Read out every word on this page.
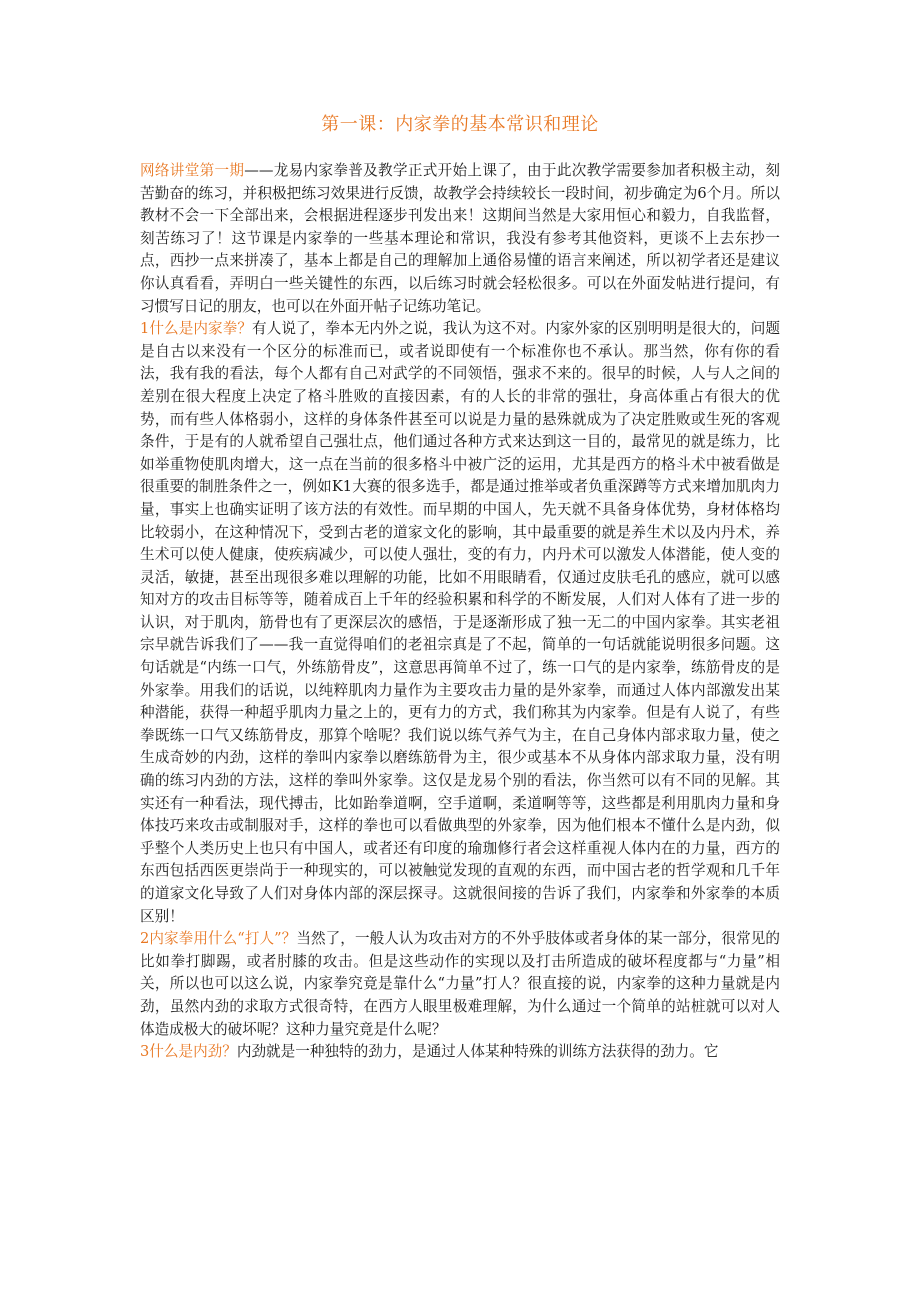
第一课：内家拳的基本常识和理论

网络讲堂第一期——龙易内家拳普及教学正式开始上课了，由于此次教学需要参加者积极主动，刻苦勤奋的练习，并积极把练习效果进行反馈，故教学会持续较长一段时间，初步确定为6个月。所以教材不会一下全部出来，会根据进程逐步刊发出来！这期间当然是大家用恒心和毅力，自我监督，刻苦练习了！这节课是内家拳的一些基本理论和常识，我没有参考其他资料，更谈不上去东抄一点，西抄一点来拼凑了，基本上都是自己的理解加上通俗易懂的语言来阐述，所以初学者还是建议你认真看看，弄明白一些关键性的东西，以后练习时就会轻松很多。可以在外面发帖进行提问，有习惯写日记的朋友，也可以在外面开帖子记练功笔记。

1什么是内家拳？有人说了，拳本无内外之说，我认为这不对。内家外家的区别明明是很大的，问题是自古以来没有一个区分的标准而已，或者说即使有一个标准你也不承认。那当然，你有你的看法，我有我的看法，每个人都有自己对武学的不同领悟，强求不来的。很早的时候，人与人之间的差别在很大程度上决定了格斗胜败的直接因素，有的人长的非常的强壮，身高体重占有很大的优势，而有些人体格弱小，这样的身体条件甚至可以说是力量的悬殊就成为了决定胜败或生死的客观条件，于是有的人就希望自己强壮点，他们通过各种方式来达到这一目的，最常见的就是练力，比如举重物使肌肉增大，这一点在当前的很多格斗中被广泛的运用，尤其是西方的格斗术中被看做是很重要的制胜条件之一，例如K1大赛的很多选手，都是通过推举或者负重深蹲等方式来增加肌肉力量，事实上也确实证明了该方法的有效性。而早期的中国人，先天就不具备身体优势，身材体格均比较弱小，在这种情况下，受到古老的道家文化的影响，其中最重要的就是养生术以及内丹术，养生术可以使人健康，使疾病减少，可以使人强壮，变的有力，内丹术可以激发人体潜能，使人变的灵活，敏捷，甚至出现很多难以理解的功能，比如不用眼睛看，仅通过皮肤毛孔的感应，就可以感知对方的攻击目标等等，随着成百上千年的经验积累和科学的不断发展，人们对人体有了进一步的认识，对于肌肉，筋骨也有了更深层次的感悟，于是逐渐形成了独一无二的中国内家拳。其实老祖宗早就告诉我们了——我一直觉得咱们的老祖宗真是了不起，简单的一句话就能说明很多问题。这句话就是“内练一口气，外练筋骨皮”，这意思再简单不过了，练一口气的是内家拳，练筋骨皮的是外家拳。用我们的话说，以纯粹肌肉力量作为主要攻击力量的是外家拳，而通过人体内部激发出某种潜能，获得一种超乎肌肉力量之上的，更有力的方式，我们称其为内家拳。但是有人说了，有些拳既练一口气又练筋骨皮，那算个啥呢？我们说以练气养气为主，在自己身体内部求取力量，使之生成奇妙的内劲，这样的拳叫内家拳以磨练筋骨为主，很少或基本不从身体内部求取力量，没有明确的练习内劲的方法，这样的拳叫外家拳。这仅是龙易个别的看法，你当然可以有不同的见解。其实还有一种看法，现代搏击，比如跆拳道啊，空手道啊，柔道啊等等，这些都是利用肌肉力量和身体技巧来攻击或制服对手，这样的拳也可以看做典型的外家拳，因为他们根本不懂什么是内劲，似乎整个人类历史上也只有中国人，或者还有印度的瑜珈修行者会这样重视人体内在的力量，西方的东西包括西医更崇尚于一种现实的，可以被触觉发现的直观的东西，而中国古老的哲学观和几千年的道家文化导致了人们对身体内部的深层探寻。这就很间接的告诉了我们，内家拳和外家拳的本质区别！

2内家拳用什么“打人”？当然了，一般人认为攻击对方的不外乎肢体或者身体的某一部分，很常见的比如拳打脚踢，或者肘膝的攻击。但是这些动作的实现以及打击所造成的破坏程度都与“力量”相关，所以也可以这么说，内家拳究竟是靠什么“力量”打人？很直接的说，内家拳的这种力量就是内劲，虽然内劲的求取方式很奇特，在西方人眼里极难理解，为什么通过一个简单的站桩就可以对人体造成极大的破坏呢？这种力量究竟是什么呢？

3什么是内劲？内劲就是一种独特的劲力，是通过人体某种特殊的训练方法获得的劲力。它
